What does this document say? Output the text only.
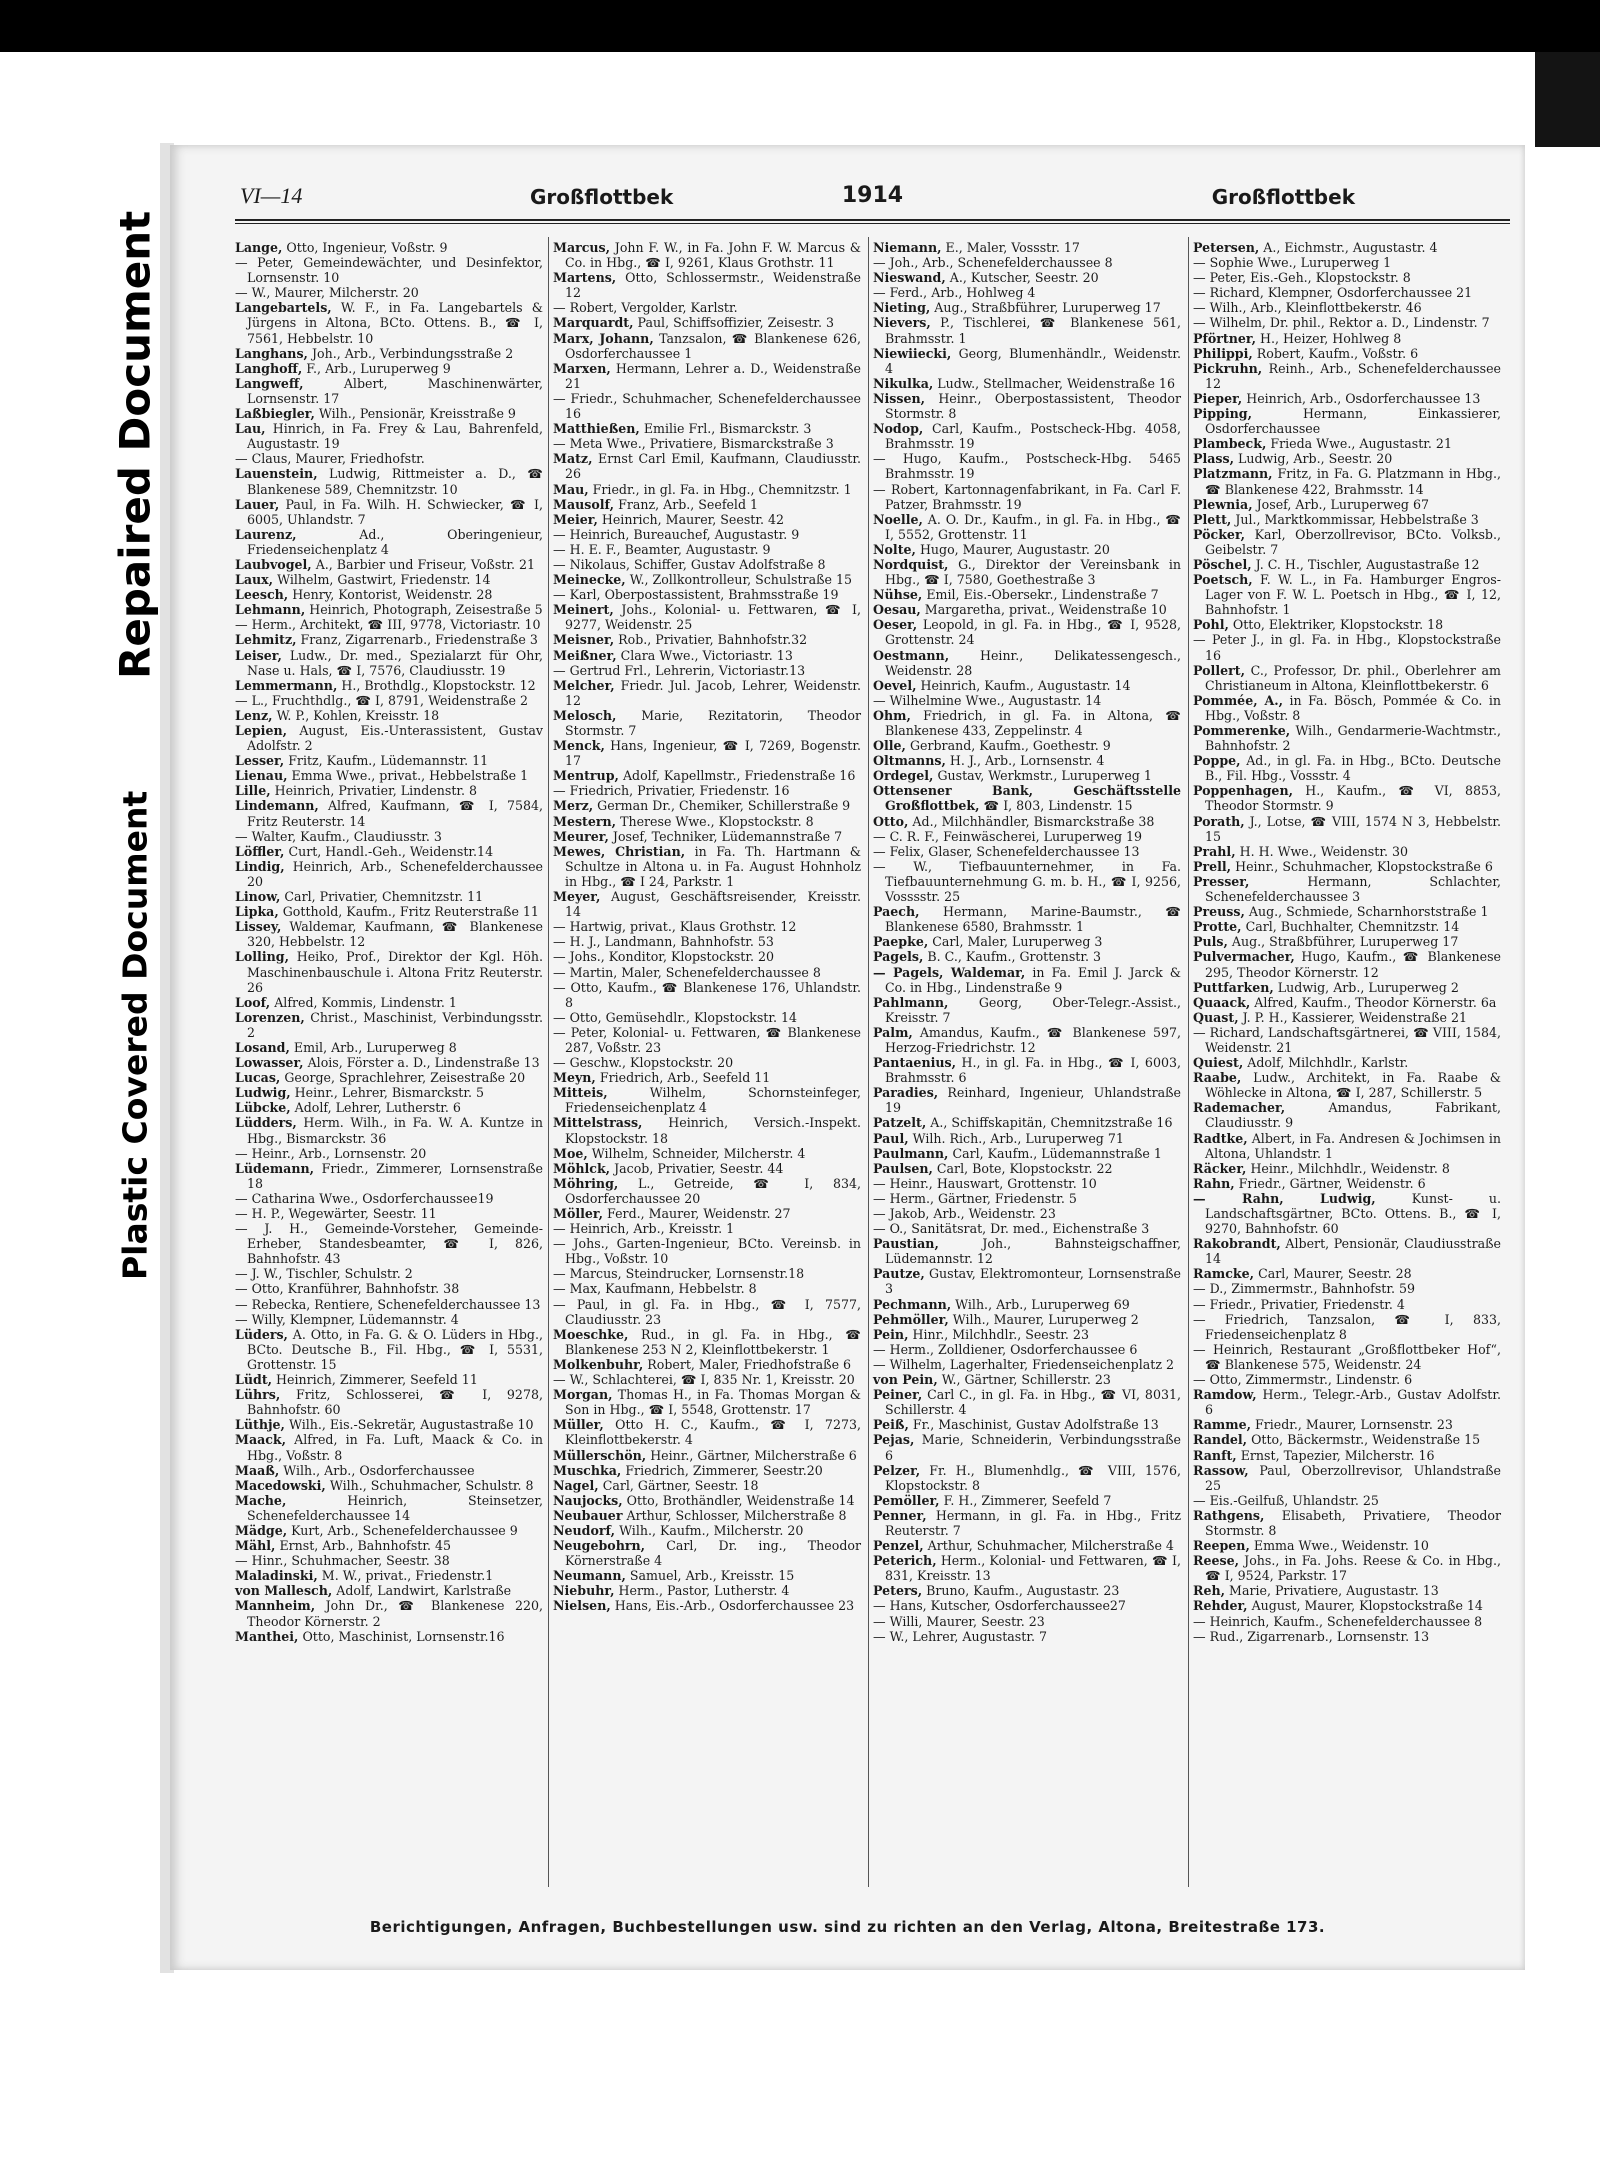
Repaired Document
Plastic Covered Document
VI—14	Großflottbek	1914	Großflottbek

Lange, Otto, Ingenieur, Voßstr. 9

— Peter, Gemeindewächter, und Desinfektor, Lornsenstr. 10

— W., Maurer, Milcherstr. 20

Langebartels, W. F., in Fa. Langebartels & Jürgens in Altona, BCto. Ottens. B., ☎ I, 7561, Hebbelstr. 10

Langhans, Joh., Arb., Verbindungsstraße 2

Langhoff, F., Arb., Luruperweg 9

Langweff,	Albert, Maschinenwärter, Lornsenstr. 17

Laßbiegler, Wilh., Pensionär, Kreisstraße 9

Lau, Hinrich, in Fa. Frey & Lau, Bahrenfeld, Augustastr. 19

— Claus, Maurer, Friedhofstr.

Lauenstein, Ludwig, Rittmeister a. D., ☎ Blankenese 589, Chemnitzstr. 10

Lauer, Paul, in Fa. Wilh. H. Schwiecker, ☎ I, 6005, Uhlandstr. 7

Laurenz,	Ad., Oberingenieur, Friedenseichenplatz 4

Laubvogel, A., Barbier und Friseur, Voßstr. 21

Laux, Wilhelm, Gastwirt, Friedenstr. 14

Leesch, Henry, Kontorist, Weidenstr. 28

Lehmann, Heinrich, Photograph, Zeisestraße 5

— Herm., Architekt, ☎ III, 9778, Victoriastr. 10

Lehmitz, Franz, Zigarrenarb., Friedenstraße 3

Leiser, Ludw., Dr. med., Spezialarzt für Ohr, Nase u. Hals, ☎ I, 7576, Claudiusstr. 19

Lemmermann, H., Brothdlg., Klopstockstr. 12

— L., Fruchthdlg., ☎ I, 8791, Weidenstraße 2

Lenz, W. P., Kohlen, Kreisstr. 18

Lepien, August, Eis.-Unterassistent, Gustav Adolfstr. 2

Lesser, Fritz, Kaufm., Lüdemannstr. 11

Lienau, Emma Wwe., privat., Hebbelstraße 1

Lille, Heinrich, Privatier, Lindenstr. 8

Lindemann, Alfred, Kaufmann, ☎ I, 7584, Fritz Reuterstr. 14

— Walter, Kaufm., Claudiusstr. 3

Löffler, Curt, Handl.-Geh., Weidenstr.14

Lindig, Heinrich, Arb., Schenefelderchaussee 20

Linow, Carl, Privatier, Chemnitzstr. 11

Lipka, Gotthold, Kaufm., Fritz Reuterstraße 11

Lissey, Waldemar, Kaufmann, ☎ Blankenese 320, Hebbelstr. 12

Lolling, Heiko, Prof., Direktor der Kgl. Höh. Maschinenbauschule i. Altona Fritz Reuterstr. 26

Loof, Alfred, Kommis, Lindenstr. 1

Lorenzen, Christ., Maschinist, Verbindungsstr. 2

Losand, Emil, Arb., Luruperweg 8

Lowasser, Alois, Förster a. D., Lindenstraße 13

Lucas, George, Sprachlehrer, Zeisestraße 20

Ludwig, Heinr., Lehrer, Bismarckstr. 5

Lübcke, Adolf, Lehrer, Lutherstr. 6

Lüdders, Herm. Wilh., in Fa. W. A. Kuntze in Hbg., Bismarckstr. 36

— Heinr., Arb., Lornsenstr. 20

Lüdemann, Friedr., Zimmerer, Lornsenstraße 18

— Catharina Wwe., Osdorferchaussee19

— H. P., Wegewärter, Seestr. 11

— J. H., Gemeinde-Vorsteher, Gemeinde-Erheber, Standesbeamter, ☎ I, 826, Bahnhofstr. 43

— J. W., Tischler, Schulstr. 2

— Otto, Kranführer, Bahnhofstr. 38

— Rebecka, Rentiere, Schenefelderchaussee 13

— Willy, Klempner, Lüdemannstr. 4

Lüders, A. Otto, in Fa. G. & O. Lüders in Hbg., BCto. Deutsche B., Fil. Hbg., ☎ I, 5531, Grottenstr. 15

Lüdt, Heinrich, Zimmerer, Seefeld 11

Lührs, Fritz, Schlosserei, ☎ I, 9278, Bahnhofstr. 60

Lüthje, Wilh., Eis.-Sekretär, Augustastraße 10

Maack, Alfred, in Fa. Luft, Maack & Co. in Hbg., Voßstr. 8

Maaß, Wilh., Arb., Osdorferchaussee

Macedowski, Wilh., Schuhmacher, Schulstr. 8

Mache,	Heinrich, Steinsetzer, Schenefelderchaussee 14

Mädge, Kurt, Arb., Schenefelderchaussee 9

Mähl, Ernst, Arb., Bahnhofstr. 45

— Hinr., Schuhmacher, Seestr. 38

Maladinski, M. W., privat., Friedenstr.1

von Mallesch, Adolf, Landwirt, Karlstraße

Mannheim, John Dr., ☎ Blankenese 220, Theodor Körnerstr. 2

Manthei, Otto, Maschinist, Lornsenstr.16

Marcus, John F. W., in Fa. John F. W. Marcus & Co. in Hbg., ☎ I, 9261, Klaus Grothstr. 11

Martens, Otto, Schlossermstr., Weidenstraße 12

— Robert, Vergolder, Karlstr.

Marquardt, Paul, Schiffsoffizier, Zeisestr. 3

Marx, Johann, Tanzsalon, ☎ Blankenese 626, Osdorferchaussee 1

Marxen, Hermann, Lehrer a. D., Weidenstraße 21

— Friedr., Schuhmacher, Schenefelderchaussee 16

Matthießen, Emilie Frl., Bismarckstr. 3

— Meta Wwe., Privatiere, Bismarckstraße 3

Matz, Ernst Carl Emil, Kaufmann, Claudiusstr. 26

Mau, Friedr., in gl. Fa. in Hbg., Chemnitzstr. 1

Mausolf, Franz, Arb., Seefeld 1

Meier, Heinrich, Maurer, Seestr. 42

— Heinrich, Bureauchef, Augustastr. 9

— H. E. F., Beamter, Augustastr. 9

— Nikolaus, Schiffer, Gustav Adolfstraße 8

Meinecke, W., Zollkontrolleur, Schulstraße 15

— Karl, Oberpostassistent, Brahmsstraße 19

Meinert, Johs., Kolonial- u. Fettwaren, ☎ I, 9277, Weidenstr. 25

Meisner, Rob., Privatier, Bahnhofstr.32

Meißner, Clara Wwe., Victoriastr. 13

— Gertrud Frl., Lehrerin, Victoriastr.13

Melcher, Friedr. Jul. Jacob, Lehrer, Weidenstr. 12

Melosch, Marie, Rezitatorin, Theodor Stormstr. 7

Menck, Hans, Ingenieur, ☎ I, 7269, Bogenstr. 17

Mentrup, Adolf, Kapellmstr., Friedenstraße 16

— Friedrich, Privatier, Friedenstr. 16

Merz, German Dr., Chemiker, Schillerstraße 9

Mestern, Therese Wwe., Klopstockstr. 8

Meurer, Josef, Techniker, Lüdemannstraße 7

Mewes, Christian, in Fa. Th. Hartmann & Schultze in Altona u. in Fa. August Hohnholz in Hbg., ☎ I 24, Parkstr. 1

Meyer, August, Geschäftsreisender, Kreisstr. 14

— Hartwig, privat., Klaus Grothstr. 12

— H. J., Landmann, Bahnhofstr. 53

— Johs., Konditor, Klopstockstr. 20

— Martin, Maler, Schenefelderchaussee 8

— Otto, Kaufm., ☎ Blankenese 176, Uhlandstr. 8

— Otto, Gemüsehdlr., Klopstockstr. 14

— Peter, Kolonial- u. Fettwaren, ☎ Blankenese 287, Voßstr. 23

— Geschw., Klopstockstr. 20

Meyn, Friedrich, Arb., Seefeld 11

Mitteis,	Wilhelm, Schornsteinfeger, Friedenseichenplatz 4

Mittelstrass, Heinrich, Versich.-Inspekt. Klopstockstr. 18

Moe, Wilhelm, Schneider, Milcherstr. 4

Möhlck, Jacob, Privatier, Seestr. 44

Möhring, L., Getreide, ☎ I, 834, Osdorferchaussee 20

Möller, Ferd., Maurer, Weidenstr. 27

— Heinrich, Arb., Kreisstr. 1

— Johs., Garten-Ingenieur, BCto. Vereinsb. in Hbg., Voßstr. 10

— Marcus, Steindrucker, Lornsenstr.18

— Max, Kaufmann, Hebbelstr. 8

— Paul, in gl. Fa. in Hbg., ☎ I, 7577, Claudiusstr. 23

Moeschke, Rud., in gl. Fa. in Hbg., ☎ Blankenese 253 N 2, Kleinflottbekerstr. 1

Molkenbuhr, Robert, Maler, Friedhofstraße 6

— W., Schlachterei, ☎ I, 835 Nr. 1, Kreisstr. 20

Morgan, Thomas H., in Fa. Thomas Morgan & Son in Hbg., ☎ I, 5548, Grottenstr. 17

Müller, Otto H. C., Kaufm., ☎ I, 7273, Kleinflottbekerstr. 4

Müllerschön, Heinr., Gärtner, Milcherstraße 6

Muschka, Friedrich, Zimmerer, Seestr.20

Nagel, Carl, Gärtner, Seestr. 18

Naujocks, Otto, Brothändler, Weidenstraße 14

Neubauer Arthur, Schlosser, Milcherstraße 8

Neudorf, Wilh., Kaufm., Milcherstr. 20

Neugebohrn, Carl, Dr. ing., Theodor Körnerstraße 4

Neumann, Samuel, Arb., Kreisstr. 15

Niebuhr, Herm., Pastor, Lutherstr. 4

Nielsen, Hans, Eis.-Arb., Osdorferchaussee 23

Niemann, E., Maler, Vossstr. 17

— Joh., Arb., Schenefelderchaussee 8

Nieswand, A., Kutscher, Seestr. 20

— Ferd., Arb., Hohlweg 4

Nieting, Aug., Straßbführer, Luruperweg 17

Nievers, P., Tischlerei, ☎ Blankenese 561, Brahmsstr. 1

Niewiiecki, Georg, Blumenhändlr., Weidenstr. 4

Nikulka, Ludw., Stellmacher, Weidenstraße 16

Nissen, Heinr., Oberpostassistent, Theodor Stormstr. 8

Nodop, Carl, Kaufm., Postscheck-Hbg. 4058, Brahmsstr. 19

— Hugo, Kaufm., Postscheck-Hbg. 5465 Brahmsstr. 19

— Robert, Kartonnagenfabrikant, in Fa. Carl F. Patzer, Brahmsstr. 19

Noelle, A. O. Dr., Kaufm., in gl. Fa. in Hbg., ☎ I, 5552, Grottenstr. 11

Nolte, Hugo, Maurer, Augustastr. 20

Nordquist, G., Direktor der Vereinsbank in Hbg., ☎ I, 7580, Goethestraße 3

Nühse, Emil, Eis.-Obersekr., Lindenstraße 7

Oesau, Margaretha, privat., Weidenstraße 10

Oeser, Leopold, in gl. Fa. in Hbg., ☎ I, 9528, Grottenstr. 24

Oestmann, Heinr., Delikatessengesch., Weidenstr. 28

Oevel, Heinrich, Kaufm., Augustastr. 14

— Wilhelmine Wwe., Augustastr. 14

Ohm, Friedrich, in gl. Fa. in Altona, ☎ Blankenese 433, Zeppelinstr. 4

Olle, Gerbrand, Kaufm., Goethestr. 9

Oltmanns, H. J., Arb., Lornsenstr. 4

Ordegel, Gustav, Werkmstr., Luruperweg 1

Ottensener Bank, Geschäftsstelle Großflottbek, ☎ I, 803, Lindenstr. 15

Otto, Ad., Milchhändler, Bismarckstraße 38

— C. R. F., Feinwäscherei, Luruperweg 19

— Felix, Glaser, Schenefelderchaussee 13

— W., Tiefbauunternehmer, in Fa. Tiefbauunternehmung G. m. b. H., ☎ I, 9256, Vosssstr. 25

Paech, Hermann, Marine-Baumstr., ☎ Blankenese 6580, Brahmsstr. 1

Paepke, Carl, Maler, Luruperweg 3

Pagels, B. C., Kaufm., Grottenstr. 3

— Pagels, Waldemar, in Fa. Emil J. Jarck & Co. in Hbg., Lindenstraße 9

Pahlmann, Georg, Ober-Telegr.-Assist., Kreisstr. 7

Palm, Amandus, Kaufm., ☎ Blankenese 597, Herzog-Friedrichstr. 12

Pantaenius, H., in gl. Fa. in Hbg., ☎ I, 6003, Brahmsstr. 6

Paradies, Reinhard, Ingenieur, Uhlandstraße 19

Patzelt, A., Schiffskapitän, Chemnitzstraße 16

Paul, Wilh. Rich., Arb., Luruperweg 71

Paulmann, Carl, Kaufm., Lüdemannstraße 1

Paulsen, Carl, Bote, Klopstockstr. 22

— Heinr., Hauswart, Grottenstr. 10

— Herm., Gärtner, Friedenstr. 5

— Jakob, Arb., Weidenstr. 23

— O., Sanitätsrat, Dr. med., Eichenstraße 3

Paustian,	Joh., Bahnsteigschaffner, Lüdemannstr. 12

Pautze, Gustav, Elektromonteur, Lornsenstraße 3

Pechmann, Wilh., Arb., Luruperweg 69

Pehmöller, Wilh., Maurer, Luruperweg 2

Pein, Hinr., Milchhdlr., Seestr. 23

— Herm., Zolldiener, Osdorferchaussee 6

— Wilhelm, Lagerhalter, Friedenseichenplatz 2

von Pein, W., Gärtner, Schillerstr. 23

Peiner, Carl C., in gl. Fa. in Hbg., ☎ VI, 8031, Schillerstr. 4

Peiß, Fr., Maschinist, Gustav Adolfstraße 13

Pejas, Marie, Schneiderin, Verbindungsstraße 6

Pelzer, Fr. H., Blumenhdlg., ☎ VIII, 1576, Klopstockstr. 8

Pemöller, F. H., Zimmerer, Seefeld 7

Penner, Hermann, in gl. Fa. in Hbg., Fritz Reuterstr. 7

Penzel, Arthur, Schuhmacher, Milcherstraße 4

Peterich, Herm., Kolonial- und Fettwaren, ☎ I, 831, Kreisstr. 13

Peters, Bruno, Kaufm., Augustastr. 23

— Hans, Kutscher, Osdorferchaussee27

— Willi, Maurer, Seestr. 23

— W., Lehrer, Augustastr. 7

Petersen, A., Eichmstr., Augustastr. 4

— Sophie Wwe., Luruperweg 1

— Peter, Eis.-Geh., Klopstockstr. 8

— Richard, Klempner, Osdorferchaussee 21

— Wilh., Arb., Kleinflottbekerstr. 46

— Wilhelm, Dr. phil., Rektor a. D., Lindenstr. 7

Pförtner, H., Heizer, Hohlweg 8

Philippi, Robert, Kaufm., Voßstr. 6

Pickruhn, Reinh., Arb., Schenefelderchaussee 12

Pieper, Heinrich, Arb., Osdorferchaussee 13

Pipping,	Hermann, Einkassierer, Osdorferchaussee

Plambeck, Frieda Wwe., Augustastr. 21

Plass, Ludwig, Arb., Seestr. 20

Platzmann, Fritz, in Fa. G. Platzmann in Hbg., ☎ Blankenese 422, Brahmsstr. 14

Plewnia, Josef, Arb., Luruperweg 67

Plett, Jul., Marktkommissar, Hebbelstraße 3

Pöcker, Karl, Oberzollrevisor, BCto. Volksb., Geibelstr. 7

Pöschel, J. C. H., Tischler, Augustastraße 12

Poetsch, F. W. L., in Fa. Hamburger Engros-Lager von F. W. L. Poetsch in Hbg., ☎ I, 12, Bahnhofstr. 1

Pohl, Otto, Elektriker, Klopstockstr. 18

— Peter J., in gl. Fa. in Hbg., Klopstockstraße 16

Pollert, C., Professor, Dr. phil., Oberlehrer am Christianeum in Altona, Kleinflottbekerstr. 6

Pommée, A., in Fa. Bösch, Pommée & Co. in Hbg., Voßstr. 8

Pommerenke, Wilh., Gendarmerie-Wachtmstr., Bahnhofstr. 2

Poppe, Ad., in gl. Fa. in Hbg., BCto. Deutsche B., Fil. Hbg., Vossstr. 4

Poppenhagen, H., Kaufm., ☎ VI, 8853, Theodor Stormstr. 9

Porath, J., Lotse, ☎ VIII, 1574 N 3, Hebbelstr. 15

Prahl, H. H. Wwe., Weidenstr. 30

Prell, Heinr., Schuhmacher, Klopstockstraße 6

Presser,	Hermann, Schlachter, Schenefelderchaussee 3

Preuss, Aug., Schmiede, Scharnhorststraße 1

Protte, Carl, Buchhalter, Chemnitzstr. 14

Puls, Aug., Straßbführer, Luruperweg 17

Pulvermacher, Hugo, Kaufm., ☎ Blankenese 295, Theodor Körnerstr. 12

Puttfarken, Ludwig, Arb., Luruperweg 2

Quaack, Alfred, Kaufm., Theodor Körnerstr. 6a

Quast, J. P. H., Kassierer, Weidenstraße 21

— Richard, Landschaftsgärtnerei, ☎ VIII, 1584, Weidenstr. 21

Quiest, Adolf, Milchhdlr., Karlstr.

Raabe, Ludw., Architekt, in Fa. Raabe & Wöhlecke in Altona, ☎ I, 287, Schillerstr. 5

Rademacher,	Amandus, Fabrikant, Claudiusstr. 9

Radtke, Albert, in Fa. Andresen & Jochimsen in Altona, Uhlandstr. 1

Räcker, Heinr., Milchhdlr., Weidenstr. 8

Rahn, Friedr., Gärtner, Weidenstr. 6

— Rahn, Ludwig,	Kunst- u. Landschaftsgärtner, BCto. Ottens. B., ☎ I, 9270, Bahnhofstr. 60

Rakobrandt, Albert, Pensionär, Claudiusstraße 14

Ramcke, Carl, Maurer, Seestr. 28

— D., Zimmermstr., Bahnhofstr. 59

— Friedr., Privatier, Friedenstr. 4

— Friedrich, Tanzsalon, ☎ I, 833, Friedenseichenplatz 8

— Heinrich, Restaurant „Großflottbeker Hof“, ☎ Blankenese 575, Weidenstr. 24

— Otto, Zimmermstr., Lindenstr. 6

Ramdow, Herm., Telegr.-Arb., Gustav Adolfstr. 6

Ramme, Friedr., Maurer, Lornsenstr. 23

Randel, Otto, Bäckermstr., Weidenstraße 15

Ranft, Ernst, Tapezier, Milcherstr. 16

Rassow, Paul, Oberzollrevisor, Uhlandstraße 25

— Eis.-Geilfuß, Uhlandstr. 25

Rathgens, Elisabeth, Privatiere, Theodor Stormstr. 8

Reepen, Emma Wwe., Weidenstr. 10

Reese, Johs., in Fa. Johs. Reese & Co. in Hbg., ☎ I, 9524, Parkstr. 17

Reh, Marie, Privatiere, Augustastr. 13

Rehder, August, Maurer, Klopstockstraße 14

— Heinrich, Kaufm., Schenefelderchaussee 8

— Rud., Zigarrenarb., Lornsenstr. 13

Berichtigungen, Anfragen, Buchbestellungen usw. sind zu richten an den Verlag, Altona, Breitestraße 173.
